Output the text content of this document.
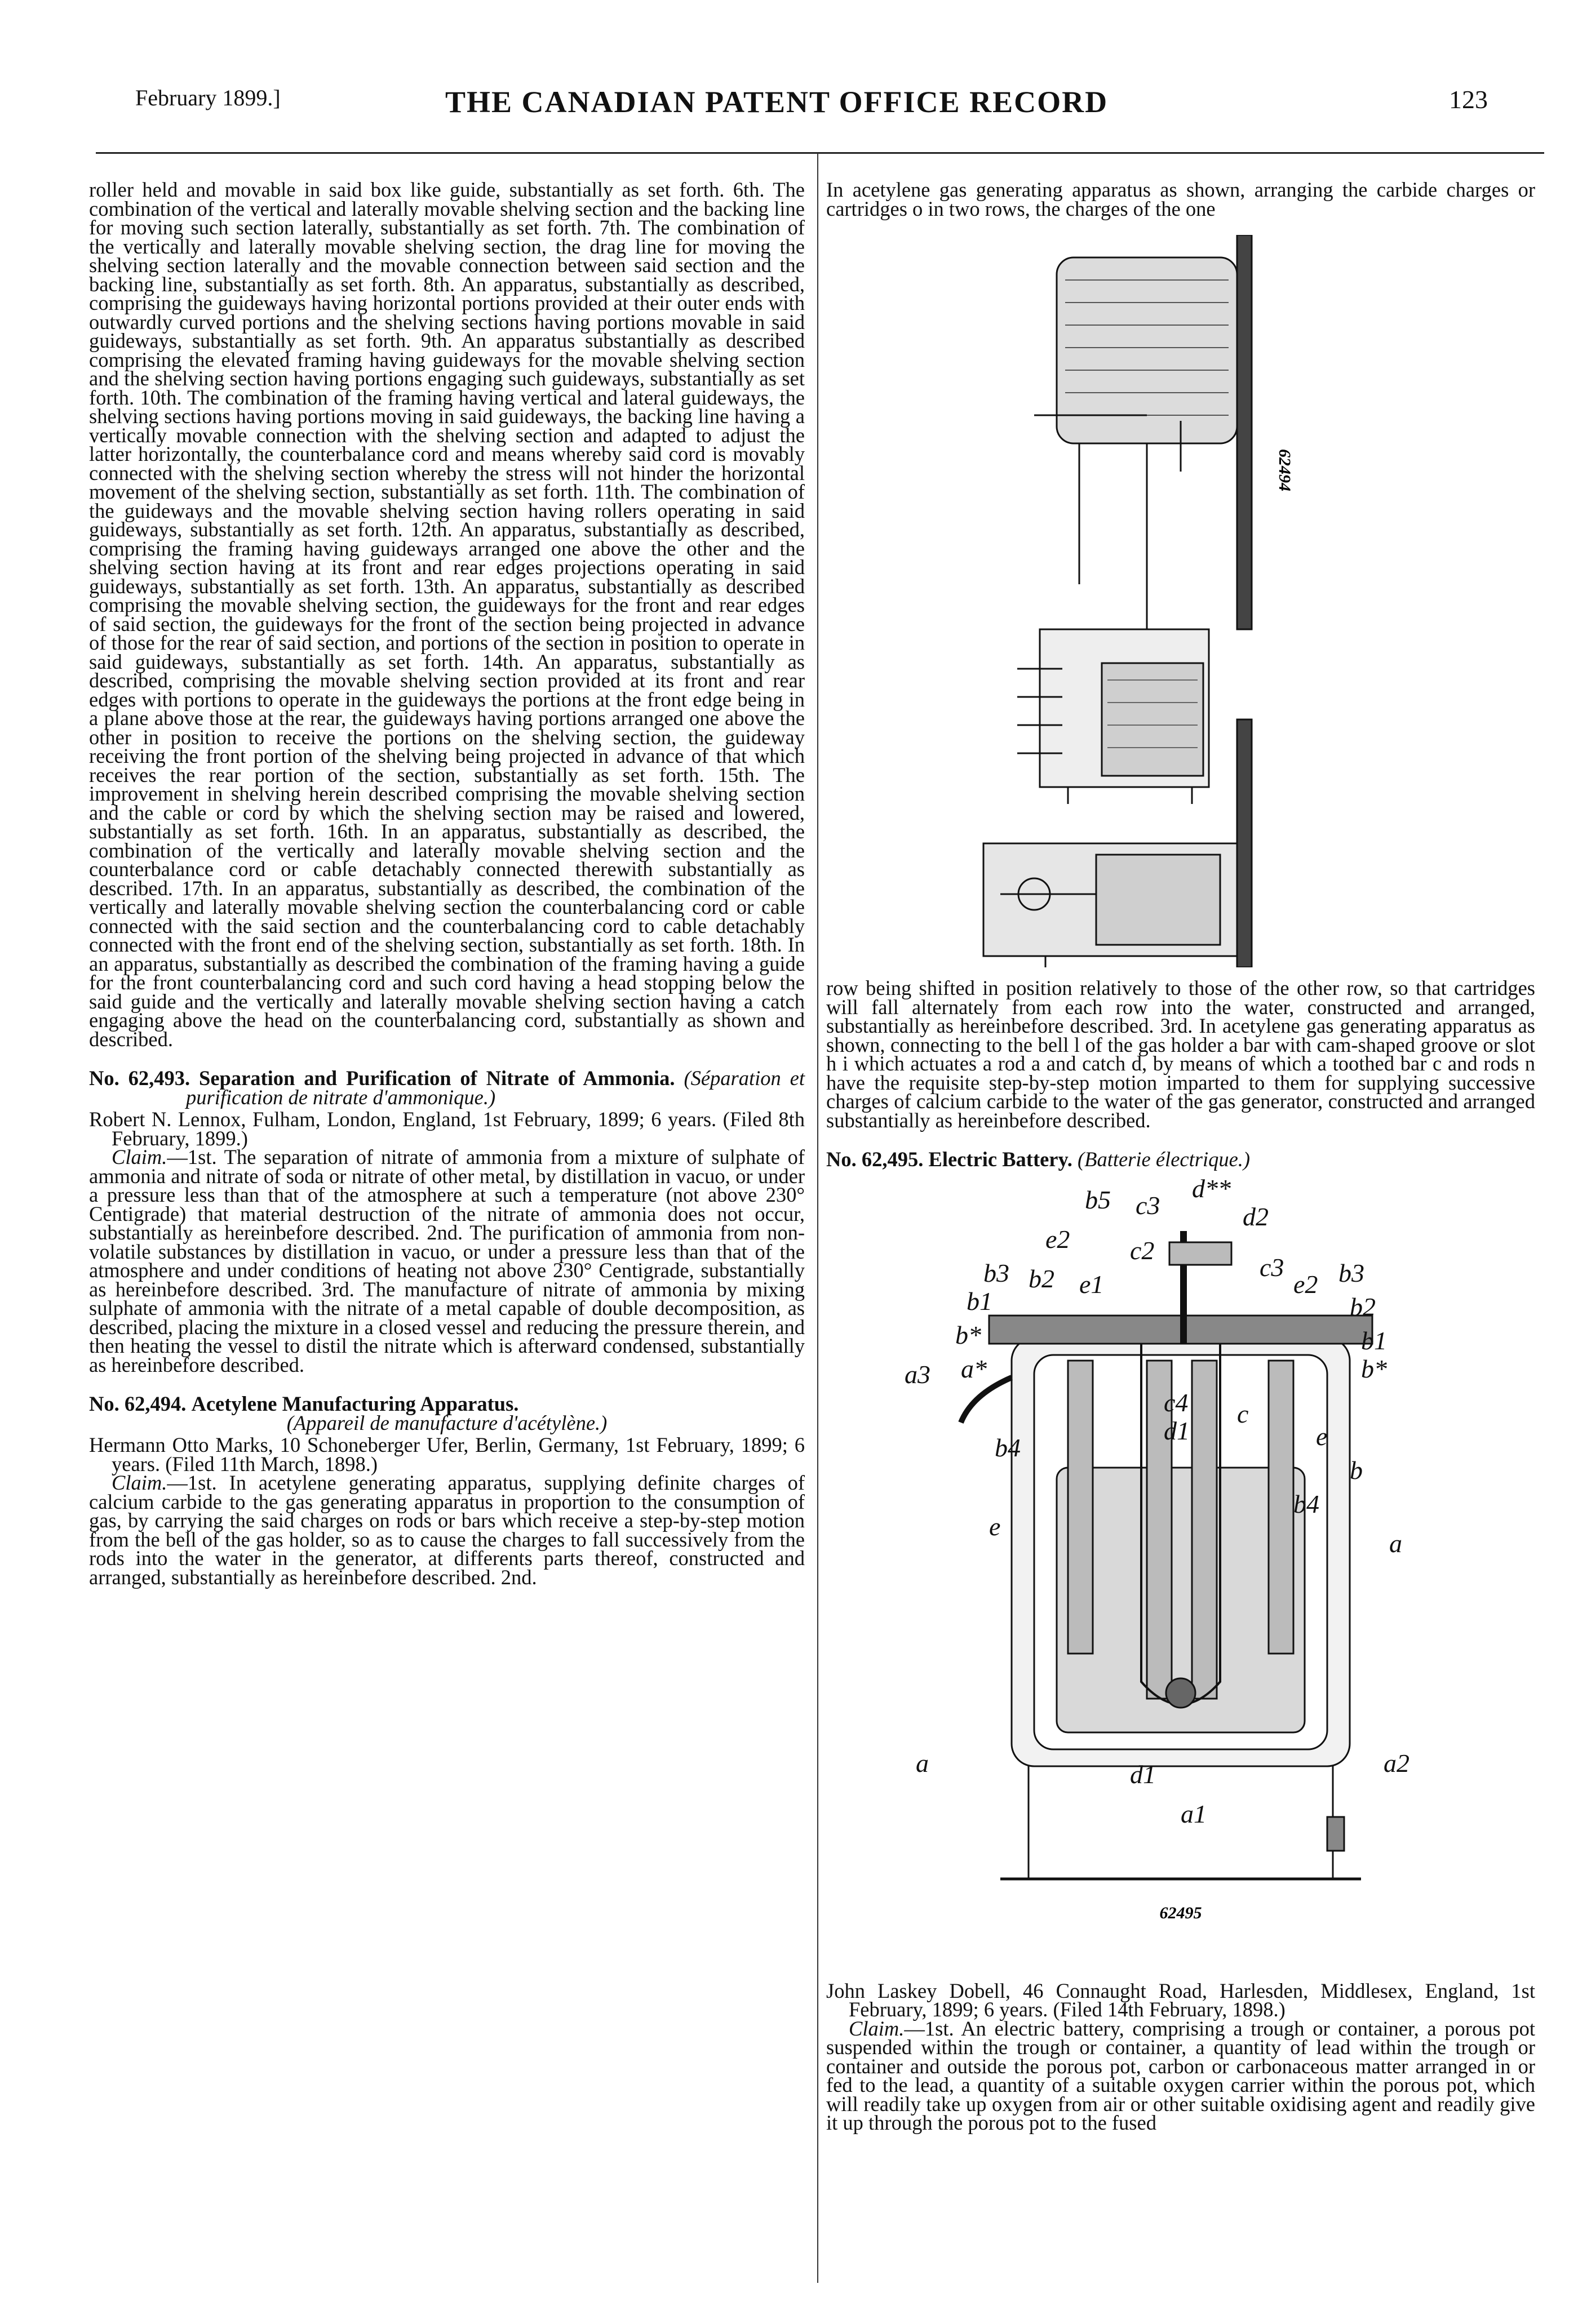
February 1899.]	THE CANADIAN PATENT OFFICE RECORD	123

roller held and movable in said box like guide, substantially as set forth. 6th. The combination of the vertical and laterally movable shelving section and the backing line for moving such section laterally, substantially as set forth. 7th. The combination of the vertically and laterally movable shelving section, the drag line for moving the shelving section laterally and the movable connection between said section and the backing line, substantially as set forth. 8th. An apparatus, substantially as described, comprising the guideways having horizontal portions provided at their outer ends with outwardly curved portions and the shelving sections having portions movable in said guideways, substantially as set forth. 9th. An apparatus substantially as described comprising the elevated framing having guideways for the movable shelving section and the shelving section having portions engaging such guideways, substantially as set forth. 10th. The combination of the framing having vertical and lateral guideways, the shelving sections having portions moving in said guideways, the backing line having a vertically movable connection with the shelving section and adapted to adjust the latter horizontally, the counterbalance cord and means whereby said cord is movably connected with the shelving section whereby the stress will not hinder the horizontal movement of the shelving section, substantially as set forth. 11th. The combination of the guideways and the movable shelving section having rollers operating in said guideways, substantially as set forth. 12th. An apparatus, substantially as described, comprising the framing having guideways arranged one above the other and the shelving section having at its front and rear edges projections operating in said guideways, substantially as set forth. 13th. An apparatus, substantially as described comprising the movable shelving section, the guideways for the front and rear edges of said section, the guideways for the front of the section being projected in advance of those for the rear of said section, and portions of the section in position to operate in said guideways, substantially as set forth. 14th. An apparatus, substantially as described, comprising the movable shelving section provided at its front and rear edges with portions to operate in the guideways the portions at the front edge being in a plane above those at the rear, the guideways having portions arranged one above the other in position to receive the portions on the shelving section, the guideway receiving the front portion of the shelving being projected in advance of that which receives the rear portion of the section, substantially as set forth. 15th. The improvement in shelving herein described comprising the movable shelving section and the cable or cord by which the shelving section may be raised and lowered, substantially as set forth. 16th. In an apparatus, substantially as described, the combination of the vertically and laterally movable shelving section and the counterbalance cord or cable detachably connected therewith substantially as described. 17th. In an apparatus, substantially as described, the combination of the vertically and laterally movable shelving section the counterbalancing cord or cable connected with the said section and the counterbalancing cord to cable detachably connected with the front end of the shelving section, substantially as set forth. 18th. In an apparatus, substantially as described the combination of the framing having a guide for the front counterbalancing cord and such cord having a head stopping below the said guide and the vertically and laterally movable shelving section having a catch engaging above the head on the counterbalancing cord, substantially as shown and described.

No. 62,493. Separation and Purification of Nitrate of Ammonia. (Séparation et purification de nitrate d'ammonique.)

Robert N. Lennox, Fulham, London, England, 1st February, 1899; 6 years. (Filed 8th February, 1899.)

Claim.—1st. The separation of nitrate of ammonia from a mixture of sulphate of ammonia and nitrate of soda or nitrate of other metal, by distillation in vacuo, or under a pressure less than that of the atmosphere at such a temperature (not above 230° Centigrade) that material destruction of the nitrate of ammonia does not occur, substantially as hereinbefore described. 2nd. The purification of ammonia from non-volatile substances by distillation in vacuo, or under a pressure less than that of the atmosphere and under conditions of heating not above 230° Centigrade, substantially as hereinbefore described. 3rd. The manufacture of nitrate of ammonia by mixing sulphate of ammonia with the nitrate of a metal capable of double decomposition, as described, placing the mixture in a closed vessel and reducing the pressure therein, and then heating the vessel to distil the nitrate which is afterward condensed, substantially as hereinbefore described.

No. 62,494. Acetylene Manufacturing Apparatus.

(Appareil de manufacture d'acétylène.)

Hermann Otto Marks, 10 Schoneberger Ufer, Berlin, Germany, 1st February, 1899; 6 years. (Filed 11th March, 1898.)

Claim.—1st. In acetylene generating apparatus, supplying definite charges of calcium carbide to the gas generating apparatus in proportion to the consumption of gas, by carrying the said charges on rods or bars which receive a step-by-step motion from the bell of the gas holder, so as to cause the charges to fall successively from the rods into the water in the generator, at differents parts thereof, constructed and arranged, substantially as hereinbefore described. 2nd.

In acetylene gas generating apparatus as shown, arranging the carbide charges or cartridges o in two rows, the charges of the one

62494

row being shifted in position relatively to those of the other row, so that cartridges will fall alternately from each row into the water, constructed and arranged, substantially as hereinbefore described. 3rd. In acetylene gas generating apparatus as shown, connecting to the bell l of the gas holder a bar with cam-shaped groove or slot h i which actuates a rod a and catch d, by means of which a toothed bar c and rods n have the requisite step-by-step motion imparted to them for supplying successive charges of calcium carbide to the water of the gas generator, constructed and arranged substantially as hereinbefore described.

No. 62,495. Electric Battery. (Batterie électrique.)

b5 c3
d**
d2
e2 c2
b3 b2 e1
c3
e2 b3
b1	b2
b*	b1
a3 a*	b*
c4
d1
c
b4	e
b
e
b4
a
d1
a	a2
a1
62495

John Laskey Dobell, 46 Connaught Road, Harlesden, Middlesex, England, 1st February, 1899; 6 years. (Filed 14th February, 1898.)

Claim.—1st. An electric battery, comprising a trough or container, a porous pot suspended within the trough or container, a quantity of lead within the trough or container and outside the porous pot, carbon or carbonaceous matter arranged in or fed to the lead, a quantity of a suitable oxygen carrier within the porous pot, which will readily take up oxygen from air or other suitable oxidising agent and readily give it up through the porous pot to the fused
